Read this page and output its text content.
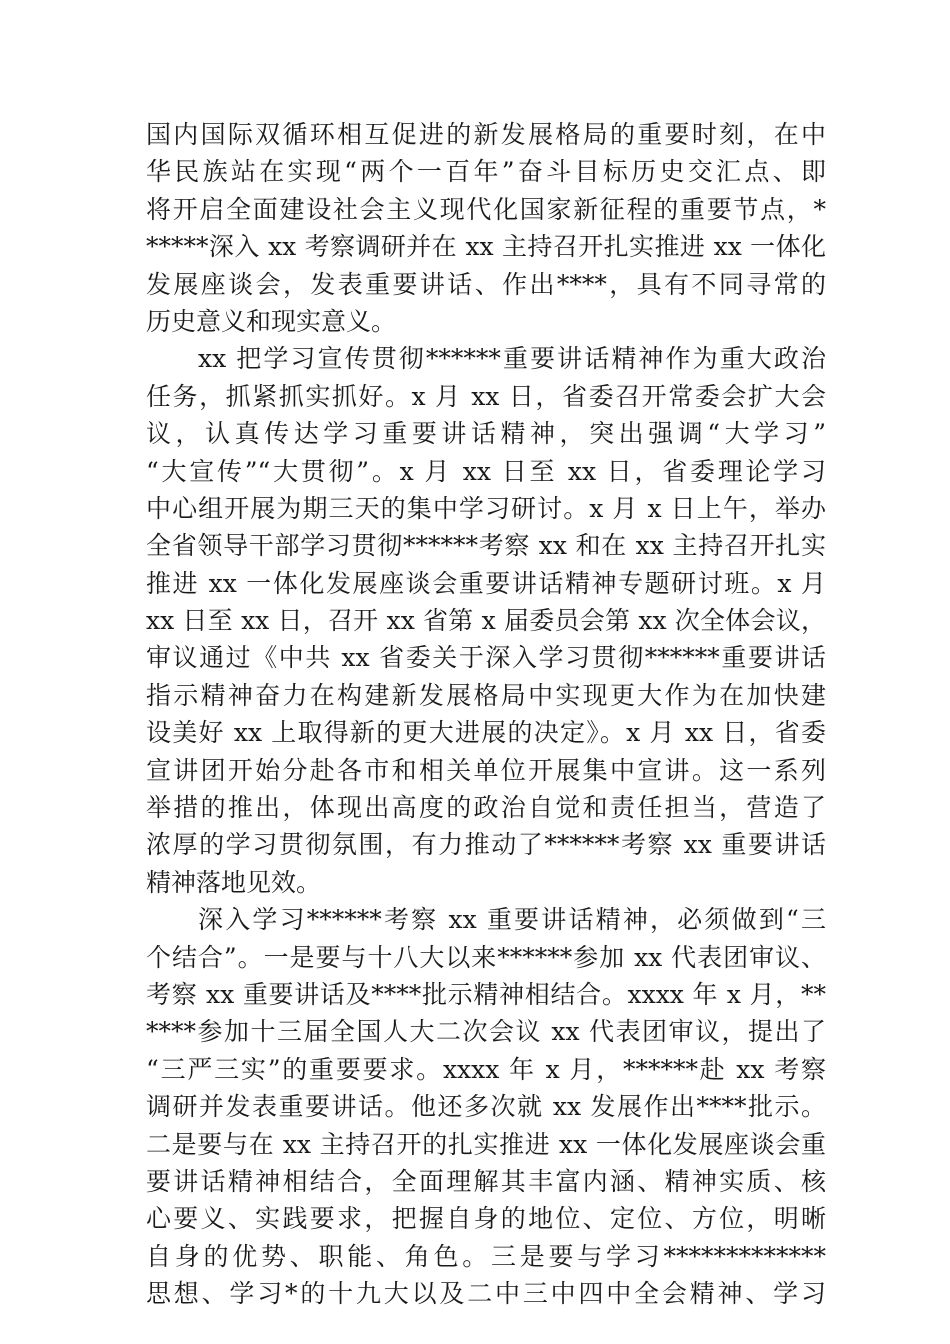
国内国际双循环相互促进的新发展格局的重要时刻，在中
华民族站在实现“两个一百年”奋斗目标历史交汇点、即
将开启全面建设社会主义现代化国家新征程的重要节点，*
*****深入 xx 考察调研并在 xx 主持召开扎实推进 xx 一体化
发展座谈会，发表重要讲话、作出****，具有不同寻常的
历史意义和现实意义。
xx 把学习宣传贯彻******重要讲话精神作为重大政治
任务，抓紧抓实抓好。x 月 xx 日，省委召开常委会扩大会
议，认真传达学习重要讲话精神，突出强调“大学习”
“大宣传”“大贯彻”。x 月 xx 日至 xx 日，省委理论学习
中心组开展为期三天的集中学习研讨。x 月 x 日上午，举办
全省领导干部学习贯彻******考察 xx 和在 xx 主持召开扎实
推进 xx 一体化发展座谈会重要讲话精神专题研讨班。x 月
xx 日至 xx 日，召开 xx 省第 x 届委员会第 xx 次全体会议，
审议通过《中共 xx 省委关于深入学习贯彻******重要讲话
指示精神奋力在构建新发展格局中实现更大作为在加快建
设美好 xx 上取得新的更大进展的决定》。x 月 xx 日，省委
宣讲团开始分赴各市和相关单位开展集中宣讲。这一系列
举措的推出，体现出高度的政治自觉和责任担当，营造了
浓厚的学习贯彻氛围，有力推动了******考察 xx 重要讲话
精神落地见效。
深入学习******考察 xx 重要讲话精神，必须做到“三
个结合”。一是要与十八大以来******参加 xx 代表团审议、
考察 xx 重要讲话及****批示精神相结合。xxxx 年 x 月，**
****参加十三届全国人大二次会议 xx 代表团审议，提出了
“三严三实”的重要要求。xxxx 年 x 月，******赴 xx 考察
调研并发表重要讲话。他还多次就 xx 发展作出****批示。
二是要与在 xx 主持召开的扎实推进 xx 一体化发展座谈会重
要讲话精神相结合，全面理解其丰富内涵、精神实质、核
心要义、实践要求，把握自身的地位、定位、方位，明晰
自身的优势、职能、角色。三是要与学习*************
思想、学习*的十九大以及二中三中四中全会精神、学习
